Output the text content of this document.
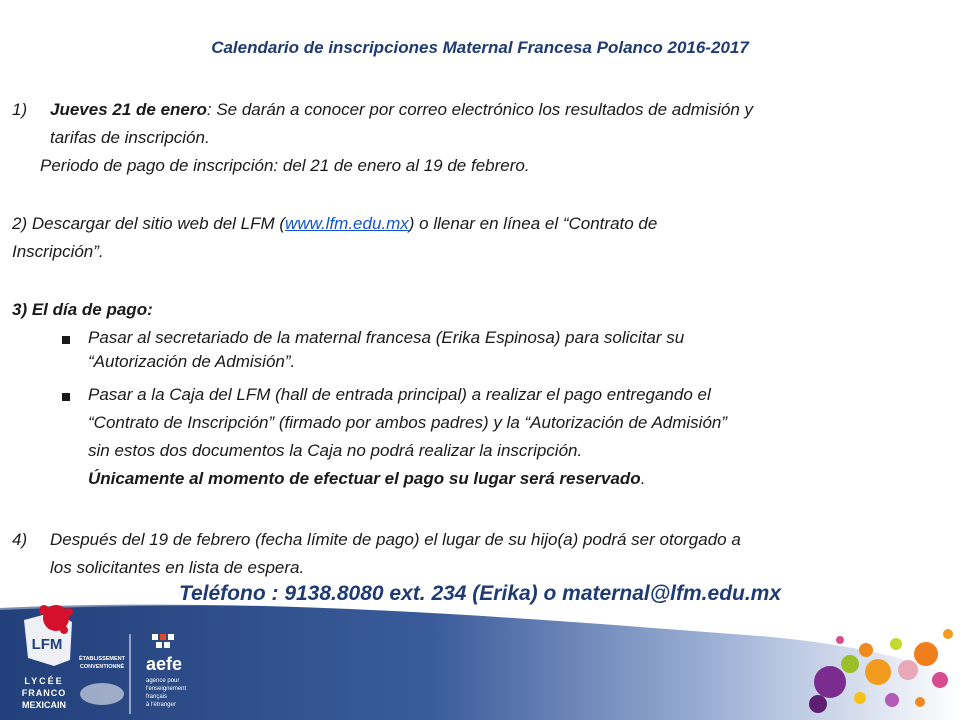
Calendario de inscripciones Maternal Francesa Polanco 2016-2017
1) Jueves 21 de enero: Se darán a conocer por correo electrónico los resultados de admisión y
tarifas de inscripción.
Periodo de pago de inscripción: del 21 de enero al 19 de febrero.
2) Descargar del sitio web del LFM (www.lfm.edu.mx) o llenar en línea el “Contrato de
Inscripción”.
3) El día de pago:
Pasar al secretariado de la maternal francesa (Erika Espinosa) para solicitar su
“Autorización de Admisión”.
Pasar a la Caja del LFM (hall de entrada principal) a realizar el pago entregando el
“Contrato de Inscripción” (firmado por ambos padres) y la “Autorización de Admisión”
sin estos dos documentos la Caja no podrá realizar la inscripción.
Únicamente al momento de efectuar el pago su lugar será reservado.
4) Después del 19 de febrero (fecha límite de pago) el lugar de su hijo(a) podrá ser otorgado a
los solicitantes en lista de espera.
LFM
LYCÉE
FRANCO
MEXICAIN
ÉTABLISSEMENT
CONVENTIONNÉ aefe
agence pour
l'enseignement
français
à l'étranger
Teléfono : 9138.8080 ext. 234 (Erika) o maternal@lfm.edu.mx
